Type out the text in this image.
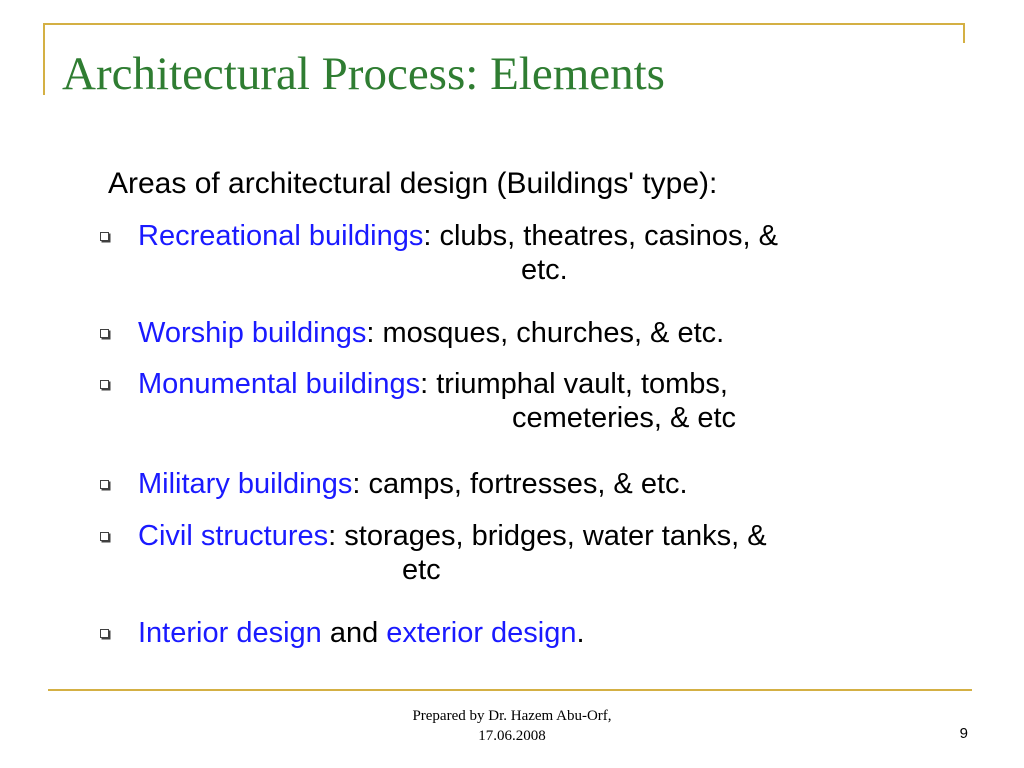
Architectural Process: Elements

Areas of architectural design (Buildings' type):

Recreational buildings: clubs, theatres, casinos, &
etc.
Worship buildings: mosques, churches, & etc.
Monumental buildings: triumphal vault, tombs,
cemeteries, & etc
Military buildings: camps, fortresses, & etc.
Civil structures: storages, bridges, water tanks, &
etc
Interior design and exterior design.

Prepared by Dr. Hazem Abu-Orf,
17.06.2008	9
